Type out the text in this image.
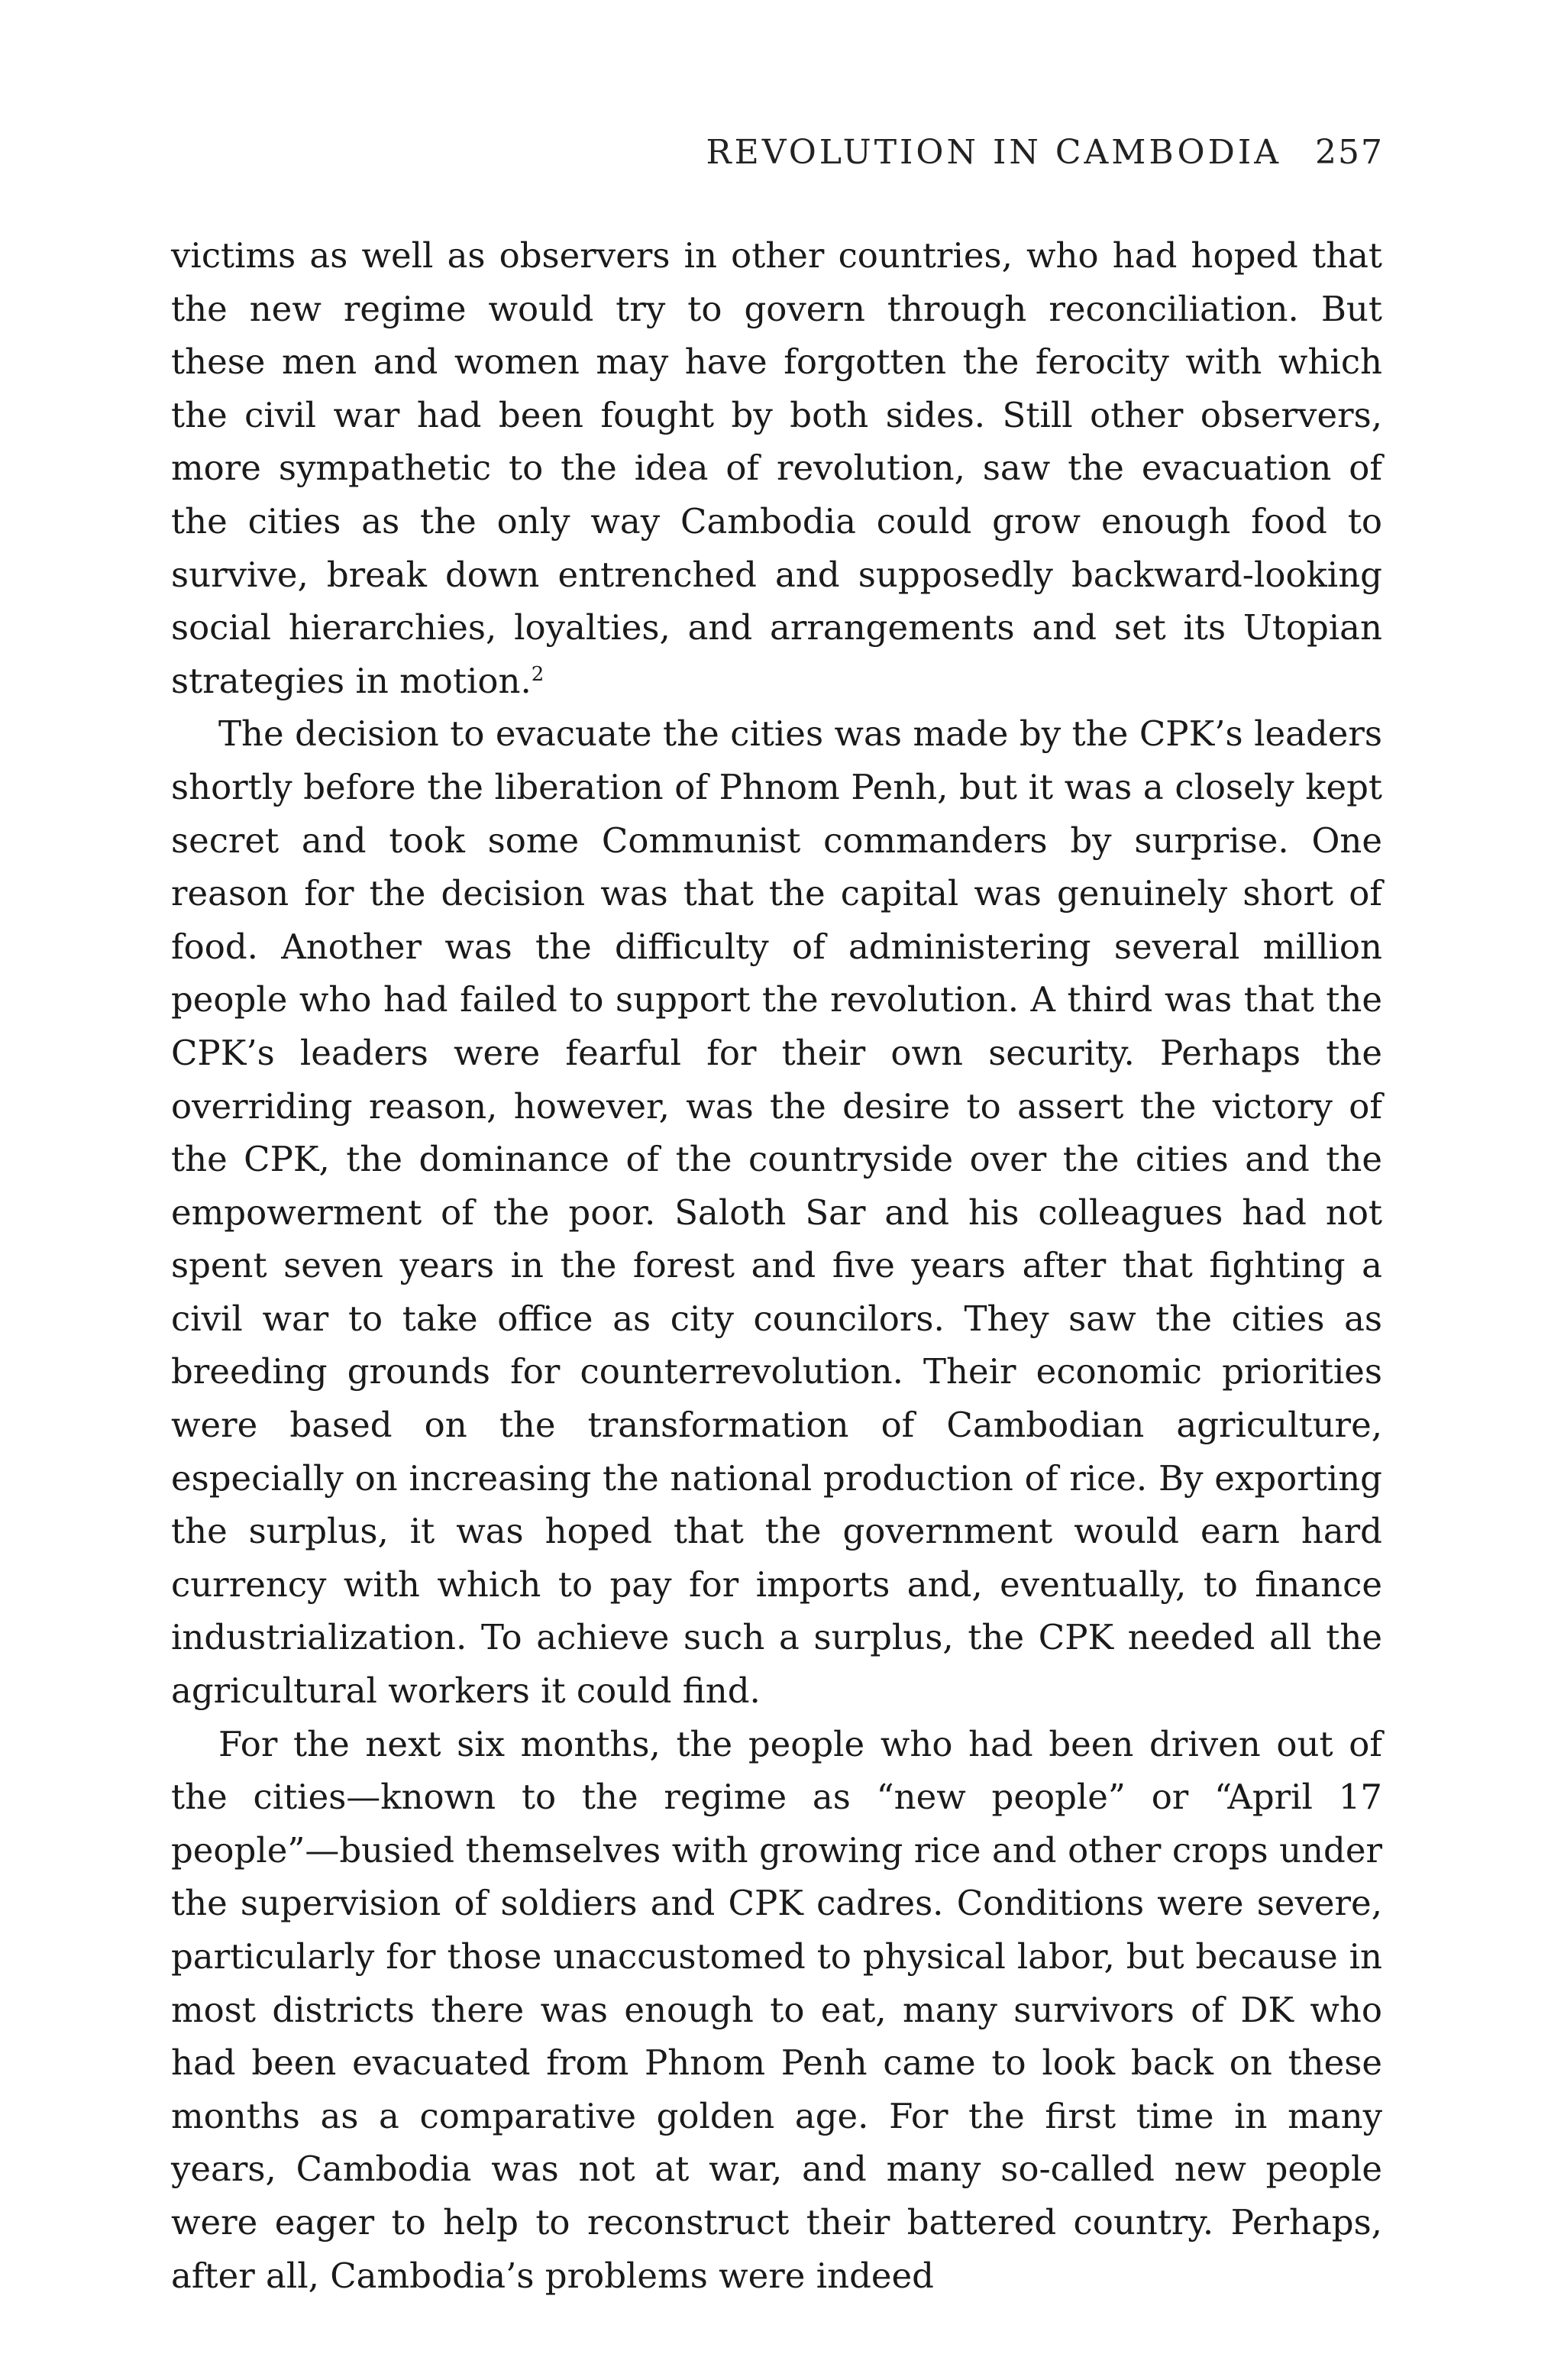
REVOLUTION IN CAMBODIA 257

victims as well as observers in other countries, who had hoped that the new regime would try to govern through reconciliation. But these men and women may have forgotten the ferocity with which the civil war had been fought by both sides. Still other observers, more sympathetic to the idea of revolution, saw the evacuation of the cities as the only way Cambodia could grow enough food to survive, break down entrenched and supposedly backward-looking social hierarchies, loyalties, and arrangements and set its Utopian strategies in motion.$^2$

The decision to evacuate the cities was made by the CPK’s leaders shortly before the liberation of Phnom Penh, but it was a closely kept secret and took some Communist commanders by surprise. One reason for the decision was that the capital was genuinely short of food. Another was the difficulty of administering several million people who had failed to support the revolution. A third was that the CPK’s leaders were fearful for their own security. Perhaps the overriding reason, however, was the desire to assert the victory of the CPK, the dominance of the countryside over the cities and the empowerment of the poor. Saloth Sar and his colleagues had not spent seven years in the forest and five years after that fighting a civil war to take office as city councilors. They saw the cities as breeding grounds for counterrevolution. Their economic priorities were based on the transformation of Cambodian agriculture, especially on increasing the national production of rice. By exporting the surplus, it was hoped that the government would earn hard currency with which to pay for imports and, eventually, to finance industrialization. To achieve such a surplus, the CPK needed all the agricultural workers it could find.

For the next six months, the people who had been driven out of the cities—known to the regime as “new people” or “April 17 people”—busied themselves with growing rice and other crops under the supervision of soldiers and CPK cadres. Conditions were severe, particularly for those unaccustomed to physical labor, but because in most districts there was enough to eat, many survivors of DK who had been evacuated from Phnom Penh came to look back on these months as a comparative golden age. For the first time in many years, Cambodia was not at war, and many so-called new people were eager to help to reconstruct their battered country. Perhaps, after all, Cambodia’s problems were indeed
